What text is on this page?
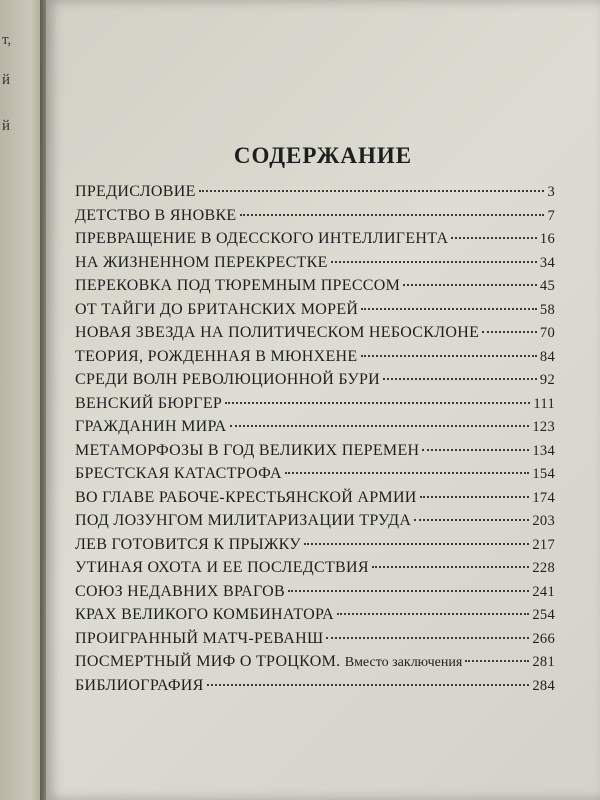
т,
й
й
СОДЕРЖАНИЕ
ПРЕДИСЛОВИЕ	3
ДЕТСТВО В ЯНОВКЕ	7
ПРЕВРАЩЕНИЕ В ОДЕССКОГО ИНТЕЛЛИГЕНТА	16
НА ЖИЗНЕННОМ ПЕРЕКРЕСТКЕ	34
ПЕРЕКОВКА ПОД ТЮРЕМНЫМ ПРЕССОМ	45
ОТ ТАЙГИ ДО БРИТАНСКИХ МОРЕЙ	58
НОВАЯ ЗВЕЗДА НА ПОЛИТИЧЕСКОМ НЕБОСКЛОНЕ	70
ТЕОРИЯ, РОЖДЕННАЯ В МЮНХЕНЕ	84
СРЕДИ ВОЛН РЕВОЛЮЦИОННОЙ БУРИ	92
ВЕНСКИЙ БЮРГЕР	111
ГРАЖДАНИН МИРА	123
МЕТАМОРФОЗЫ В ГОД ВЕЛИКИХ ПЕРЕМЕН	134
БРЕСТСКАЯ КАТАСТРОФА	154
ВО ГЛАВЕ РАБОЧЕ-КРЕСТЬЯНСКОЙ АРМИИ	174
ПОД ЛОЗУНГОМ МИЛИТАРИЗАЦИИ ТРУДА	203
ЛЕВ ГОТОВИТСЯ К ПРЫЖКУ	217
УТИНАЯ ОХОТА И ЕЕ ПОСЛЕДСТВИЯ	228
СОЮЗ НЕДАВНИХ ВРАГОВ	241
КРАХ ВЕЛИКОГО КОМБИНАТОРА	254
ПРОИГРАННЫЙ МАТЧ-РЕВАНШ	266
ПОСМЕРТНЫЙ МИФ О ТРОЦКОМ. Вместо заключения	281
БИБЛИОГРАФИЯ	284
